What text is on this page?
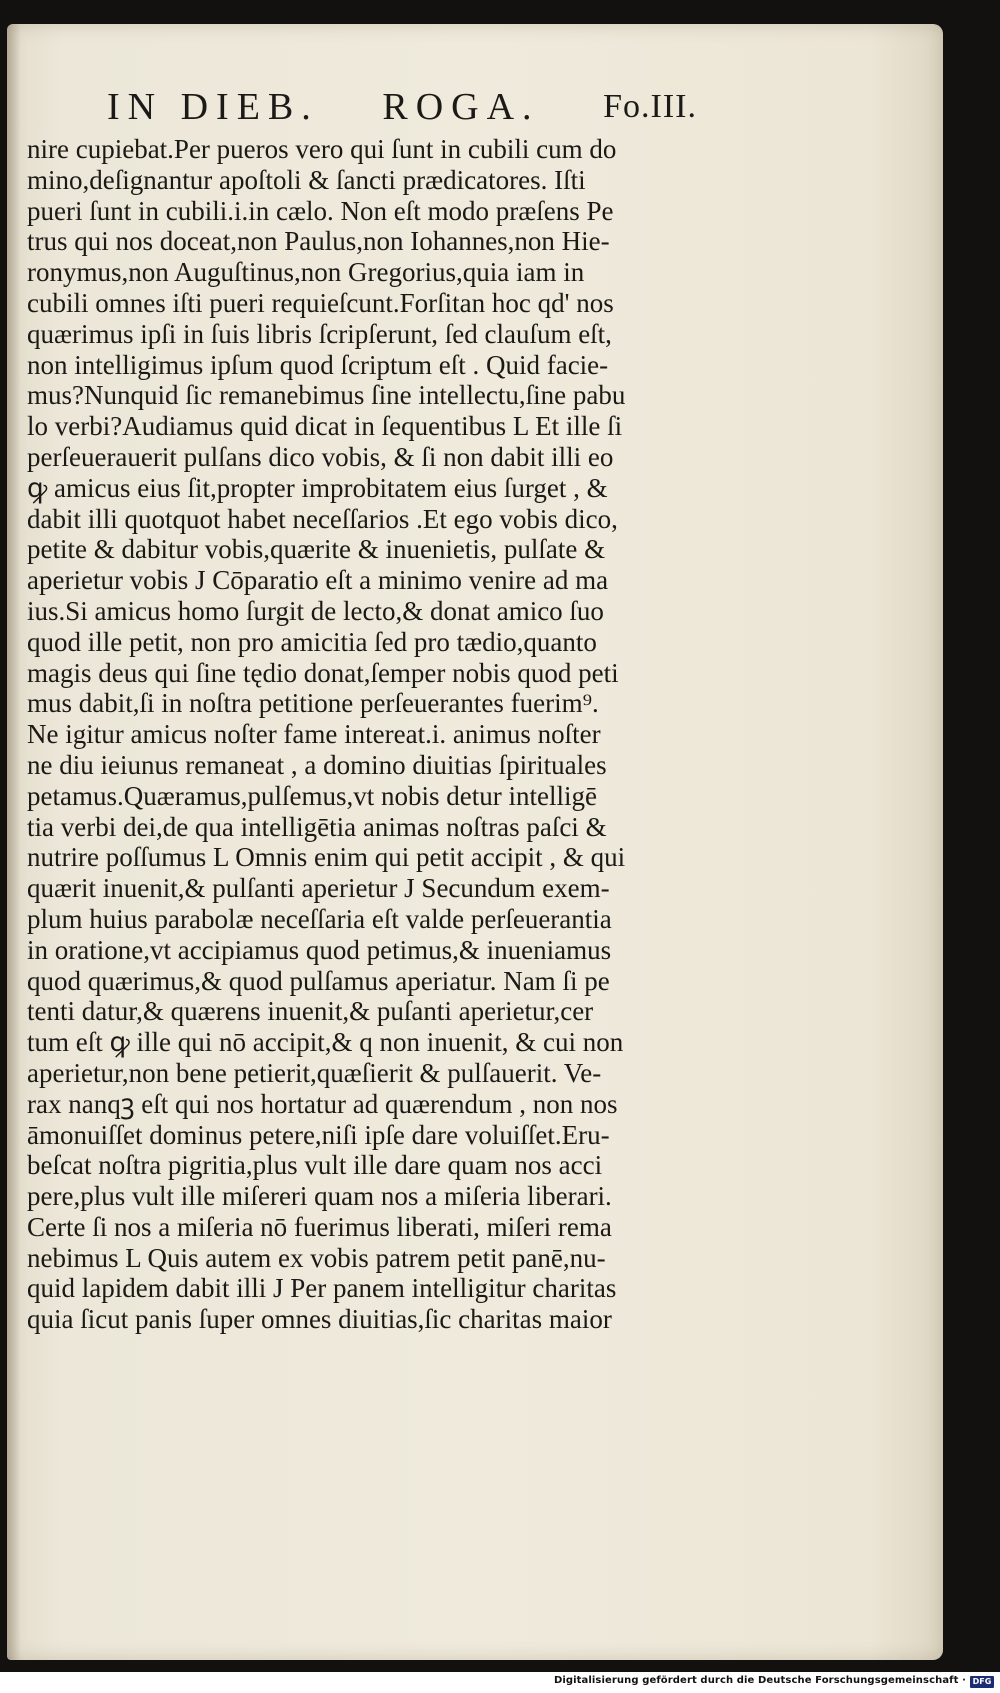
IN DIEB. ROGA. Fo.III.
nire cupiebat.Per pueros vero qui ſunt in cubili cum do
mino,deſignantur apoſtoli & ſancti prædicatores. Iſti
pueri ſunt in cubili.i.in cælo. Non eſt modo præſens Pe
trus qui nos doceat,non Paulus,non Iohannes,non Hie-
ronymus,non Auguſtinus,non Gregorius,quia iam in
cubili omnes iſti pueri requieſcunt.Forſitan hoc qd' nos
quærimus ipſi in ſuis libris ſcripſerunt, ſed clauſum eſt,
non intelligimus ipſum quod ſcriptum eſt . Quid facie-
mus?Nunquid ſic remanebimus ſine intellectu,ſine pabu
lo verbi?Audiamus quid dicat in ſequentibus L Et ille ſi
perſeuerauerit pulſans dico vobis, & ſi non dabit illi eo
ꝙ amicus eius ſit,propter improbitatem eius ſurget , &
dabit illi quotquot habet neceſſarios .Et ego vobis dico,
petite & dabitur vobis,quærite & inuenietis, pulſate &
aperietur vobis J Cōparatio eſt a minimo venire ad ma
ius.Si amicus homo ſurgit de lecto,& donat amico ſuo
quod ille petit, non pro amicitia ſed pro tædio,quanto
magis deus qui ſine tędio donat,ſemper nobis quod peti
mus dabit,ſi in noſtra petitione perſeuerantes fuerim⁹.
Ne igitur amicus noſter fame intereat.i. animus noſter
ne diu ieiunus remaneat , a domino diuitias ſpirituales
petamus.Quæramus,pulſemus,vt nobis detur intelligē
tia verbi dei,de qua intelligētia animas noſtras paſci &
nutrire poſſumus L Omnis enim qui petit accipit , & qui
quærit inuenit,& pulſanti aperietur J Secundum exem-
plum huius parabolæ neceſſaria eſt valde perſeuerantia
in oratione,vt accipiamus quod petimus,& inueniamus
quod quærimus,& quod pulſamus aperiatur. Nam ſi pe
tenti datur,& quærens inuenit,& puſanti aperietur,cer
tum eſt ꝙ ille qui nō accipit,& q non inuenit, & cui non
aperietur,non bene petierit,quæſierit & pulſauerit. Ve-
rax nanqꝫ eſt qui nos hortatur ad quærendum , non nos
āmonuiſſet dominus petere,niſi ipſe dare voluiſſet.Eru-
beſcat noſtra pigritia,plus vult ille dare quam nos acci
pere,plus vult ille miſereri quam nos a miſeria liberari.
Certe ſi nos a miſeria nō fuerimus liberati, miſeri rema
nebimus L Quis autem ex vobis patrem petit panē,nu-
quid lapidem dabit illi J Per panem intelligitur charitas
quia ſicut panis ſuper omnes diuitias,ſic charitas maior
Digitalisierung gefördert durch die Deutsche Forschungsgemeinschaft · DFG
